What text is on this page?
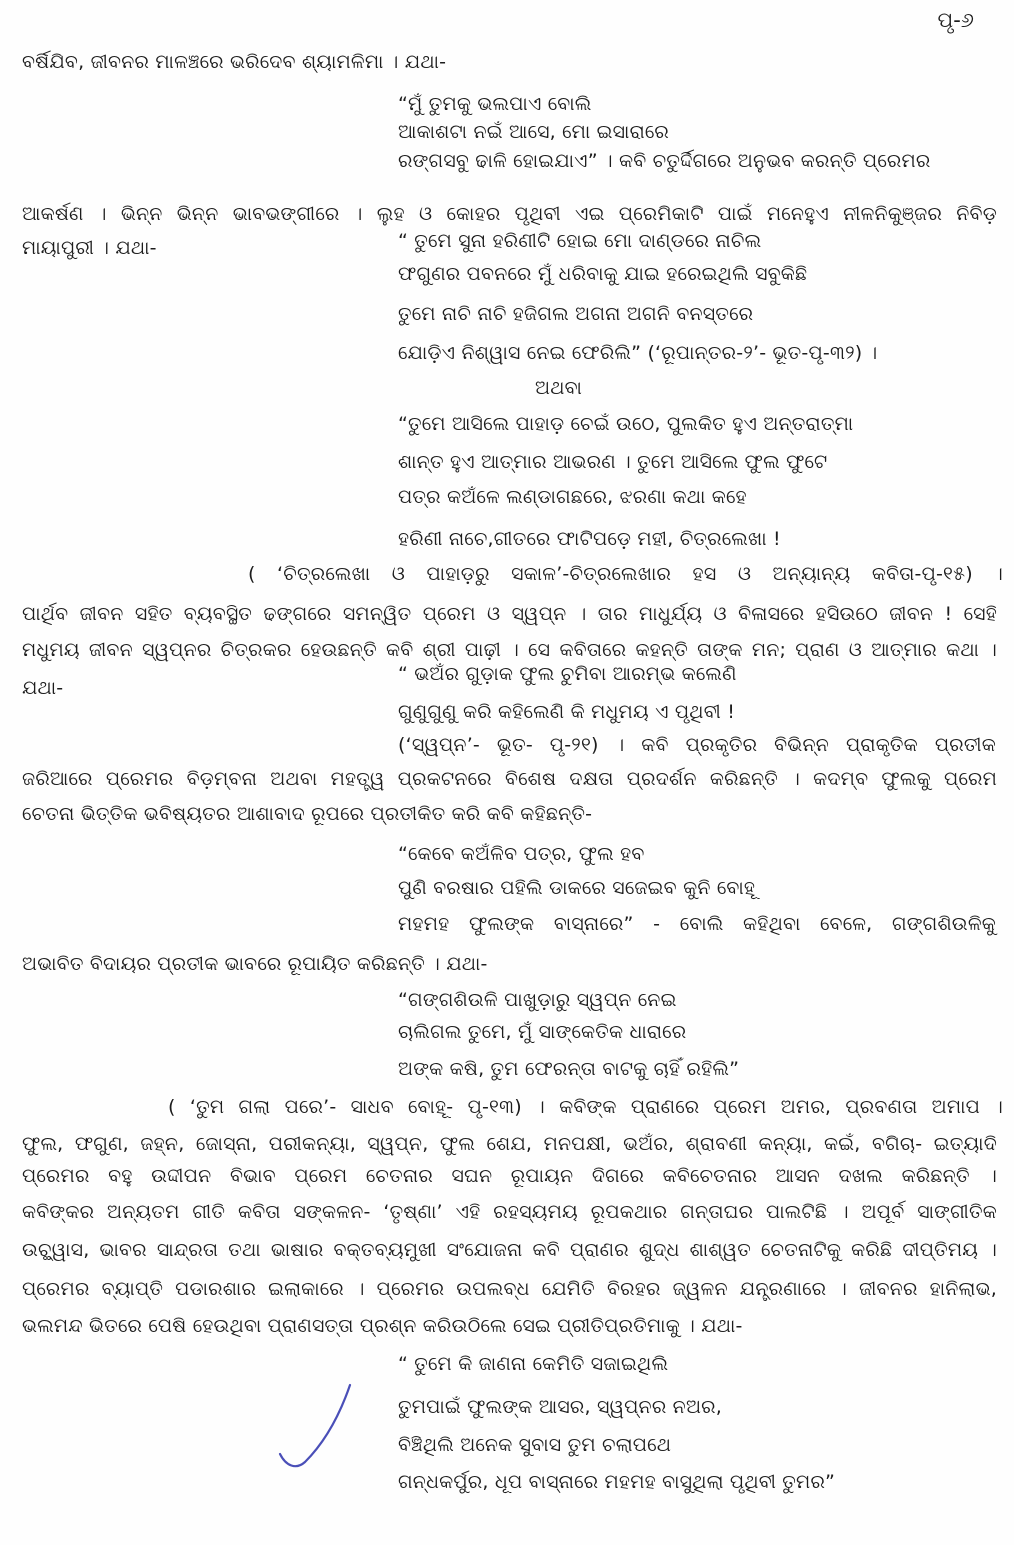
ପୃ-୬
ବର୍ଷିଯିବ, ଜୀବନର ମାଳଞ୍ଚରେ ଭରିଦେବ ଶ୍ୟାମଳିମା । ଯଥା-
“ମୁଁ ତୁମକୁ ଭଲପାଏ ବୋଲି
ଆକାଶଟା ନଇଁ ଆସେ, ମୋ ଇସାରାରେ
ରଙ୍ଗସବୁ ଢାଳି ହୋଇଯାଏ” । କବି ଚତୁର୍ଦ୍ଦିଗରେ ଅନୁଭବ କରନ୍ତି ପ୍ରେମର
ଆକର୍ଷଣ । ଭିନ୍ନ ଭିନ୍ନ ଭାବଭଙ୍ଗୀରେ । ଲୁହ ଓ କୋହର ପୃଥିବୀ ଏଇ ପ୍ରେମିକାଟି ପାଇଁ ମନେହୁଏ ନୀଳନିକୁଞ୍ଜର ନିବିଡ଼
ମାୟାପୁରୀ । ଯଥା-	“ ତୁମେ ସୁନା ହରିଣୀଟି ହୋଇ ମୋ ଦାଣ୍ଡରେ ନାଚିଲ
ଫଗୁଣର ପବନରେ ମୁଁ ଧରିବାକୁ ଯାଇ ହରେଇଥିଲି ସବୁକିଛି
ତୁମେ ନାଚି ନାଚି ହଜିଗଲ ଅଗନା ଅଗନି ବନସ୍ତରେ
ଯୋଡ଼ିଏ ନିଶ୍ୱାସ ନେଇ ଫେରିଲି” (‘ରୂପାନ୍ତର-୨’- ଭୂତ-ପୃ-୩୨) ।
ଅଥବା
“ତୁମେ ଆସିଲେ ପାହାଡ଼ ଚେଇଁ ଉଠେ, ପୁଲକିତ ହୁଏ ଅନ୍ତରାତ୍ମା
ଶାନ୍ତ ହୁଏ ଆତ୍ମାର ଆଭରଣ । ତୁମେ ଆସିଲେ ଫୁଲ ଫୁଟେ
ପତ୍ର କଅଁଳେ ଲଣ୍ଡାଗଛରେ, ଝରଣା କଥା କହେ
ହରିଣୀ ନାଚେ,ଗୀତରେ ଫାଟିପଡ଼େ ମହୀ, ଚିତ୍ରଲେଖା !
( ‘ଚିତ୍ରଲେଖା ଓ ପାହାଡ଼ରୁ ସକାଳ’-ଚିତ୍ରଲେଖାର ହସ ଓ ଅନ୍ୟାନ୍ୟ କବିତା-ପୃ-୧୫) ।
ପାର୍ଥିବ ଜୀବନ ସହିତ ବ୍ୟବସ୍ଥିତ ଢଙ୍ଗରେ ସମନ୍ୱିତ ପ୍ରେମ ଓ ସ୍ୱପ୍ନ । ତାର ମାଧୁର୍ଯ୍ୟ ଓ ବିଳାସରେ ହସିଉଠେ ଜୀବନ ! ସେହି
ମଧୁମୟ ଜୀବନ ସ୍ୱପ୍ନର ଚିତ୍ରକର ହେଉଛନ୍ତି କବି ଶ୍ରୀ ପାଢ଼ୀ । ସେ କବିତାରେ କହନ୍ତି ତାଙ୍କ ମନ; ପ୍ରାଣ ଓ ଆତ୍ମାର କଥା ।
ଯଥା-
“ ଭଅଁର ଗୁଡ଼ାକ ଫୁଲ ଚୁମିବା ଆରମ୍ଭ କଲେଣି
ଗୁଣୁଗୁଣୁ କରି କହିଲେଣି କି ମଧୁମୟ ଏ ପୃଥିବୀ !
(‘ସ୍ୱପ୍ନ’- ଭୂତ- ପୃ-୨୧) । କବି ପ୍ରକୃତିର ବିଭିନ୍ନ ପ୍ରାକୃତିକ ପ୍ରତୀକ
ଜରିଆରେ ପ୍ରେମର ବିଡ଼ମ୍ବନା ଅଥବା ମହତ୍ତ୍ୱ ପ୍ରକଟନରେ ବିଶେଷ ଦକ୍ଷତା ପ୍ରଦର୍ଶନ କରିଛନ୍ତି । କଦମ୍ବ ଫୁଲକୁ ପ୍ରେମ
ଚେତନା ଭିତ୍ତିକ ଭବିଷ୍ୟତର ଆଶାବାଦ ରୂପରେ ପ୍ରତୀକିତ କରି କବି କହିଛନ୍ତି-
“କେବେ କଅଁଳିବ ପତ୍ର, ଫୁଲ ହବ
ପୁଣି ବରଷାର ପହିଲି ଡାକରେ ସଜେଇବ କୁନି ବୋହୂ
ମହମହ ଫୁଲଙ୍କ ବାସ୍ନାରେ” - ବୋଲି କହିଥିବା ବେଳେ, ଗଙ୍ଗଶିଉଳିକୁ
ଅଭାବିତ ବିଦାୟର ପ୍ରତୀକ ଭାବରେ ରୂପାୟିତ କରିଛନ୍ତି । ଯଥା-
“ଗଙ୍ଗଶିଉଳି ପାଖୁଡ଼ାରୁ ସ୍ୱପ୍ନ ନେଇ
ଚାଲିଗଲ ତୁମେ, ମୁଁ ସାଙ୍କେତିକ ଧାରାରେ
ଅଙ୍କ କଷି, ତୁମ ଫେରନ୍ତା ବାଟକୁ ଚାହିଁ ରହିଲି”
( ‘ତୁମ ଗଲା ପରେ’- ସାଧବ ବୋହୂ- ପୃ-୧୩) । କବିଙ୍କ ପ୍ରାଣରେ ପ୍ରେମ ଅମର, ପ୍ରବଣତା ଅମାପ ।
ଫୁଲ, ଫଗୁଣ, ଜହ୍ନ, ଜୋସ୍ନା, ପରୀକନ୍ୟା, ସ୍ୱପ୍ନ, ଫୁଲ ଶେଯ, ମନପକ୍ଷୀ, ଭଅଁର, ଶ୍ରାବଣୀ କନ୍ୟା, କଇଁ, ବଗିଚା- ଇତ୍ୟାଦି
ପ୍ରେମର ବହୁ ଉଦ୍ଦୀପନ ବିଭାବ ପ୍ରେମ ଚେତନାର ସଘନ ରୂପାୟନ ଦିଗରେ କବିଚେତନାର ଆସନ ଦଖଲ କରିଛନ୍ତି ।
କବିଙ୍କର ଅନ୍ୟତମ ଗୀତି କବିତା ସଙ୍କଳନ- ‘ତୃଷ୍ଣା’ ଏହି ରହସ୍ୟମୟ ରୂପକଥାର ଗନ୍ତାଘର ପାଲଟିଛି । ଅପୂର୍ବ ସାଙ୍ଗୀତିକ
ଉଚ୍ଛ୍ୱାସ, ଭାବର ସାନ୍ଦ୍ରତା ତଥା ଭାଷାର ବକ୍ତବ୍ୟମୁଖୀ ସଂଯୋଜନା କବି ପ୍ରାଣର ଶୁଦ୍ଧ ଶାଶ୍ୱତ ଚେତନାଟିକୁ କରିଛି ଦୀପ୍ତିମୟ ।
ପ୍ରେମର ବ୍ୟାପ୍ତି ପଡାରଶାର ଇଲାକାରେ । ପ୍ରେମର ଉପଲବ୍ଧ ଯେମିତି ବିରହର ଜ୍ୱଳନ ଯନ୍ତ୍ରଣାରେ । ଜୀବନର ହାନିଲାଭ,
ଭଲମନ୍ଦ ଭିତରେ ପେଷି ହେଉଥିବା ପ୍ରାଣସତ୍ତା ପ୍ରଶ୍ନ କରିଉଠିଲେ ସେଇ ପ୍ରୀତିପ୍ରତିମାକୁ । ଯଥା-
“ ତୁମେ କି ଜାଣନା କେମିତି ସଜାଇଥିଲି
ତୁମପାଇଁ ଫୁଲଙ୍କ ଆସର, ସ୍ୱପ୍ନର ନଅର,
ବିଞ୍ଚିଥିଲି ଅନେକ ସୁବାସ ତୁମ ଚଲାପଥେ
ଗନ୍ଧକର୍ପୁର, ଧୂପ ବାସ୍ନାରେ ମହମହ ବାସୁଥିଲା ପୃଥିବୀ ତୁମର”
